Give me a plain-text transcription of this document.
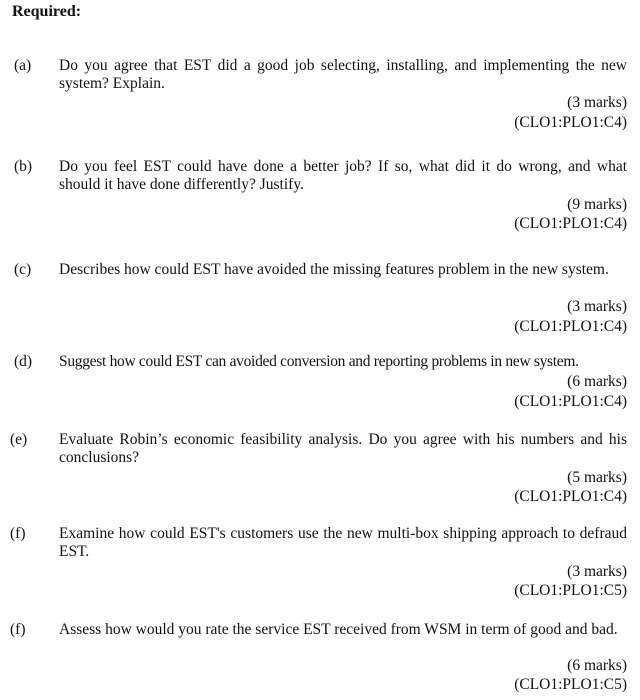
Required:
(a) Do you agree that EST did a good job selecting, installing, and implementing the new system? Explain.
(3 marks)
(CLO1:PLO1:C4)
(b) Do you feel EST could have done a better job? If so, what did it do wrong, and what should it have done differently? Justify.
(9 marks)
(CLO1:PLO1:C4)
(c) Describes how could EST have avoided the missing features problem in the new system.
(3 marks)
(CLO1:PLO1:C4)
(d) Suggest how could EST can avoided conversion and reporting problems in new system.
(6 marks)
(CLO1:PLO1:C4)
(e) Evaluate Robin’s economic feasibility analysis. Do you agree with his numbers and his conclusions?
(5 marks)
(CLO1:PLO1:C4)
(f) Examine how could EST's customers use the new multi-box shipping approach to defraud EST.
(3 marks)
(CLO1:PLO1:C5)
(f) Assess how would you rate the service EST received from WSM in term of good and bad.
(6 marks)
(CLO1:PLO1:C5)
